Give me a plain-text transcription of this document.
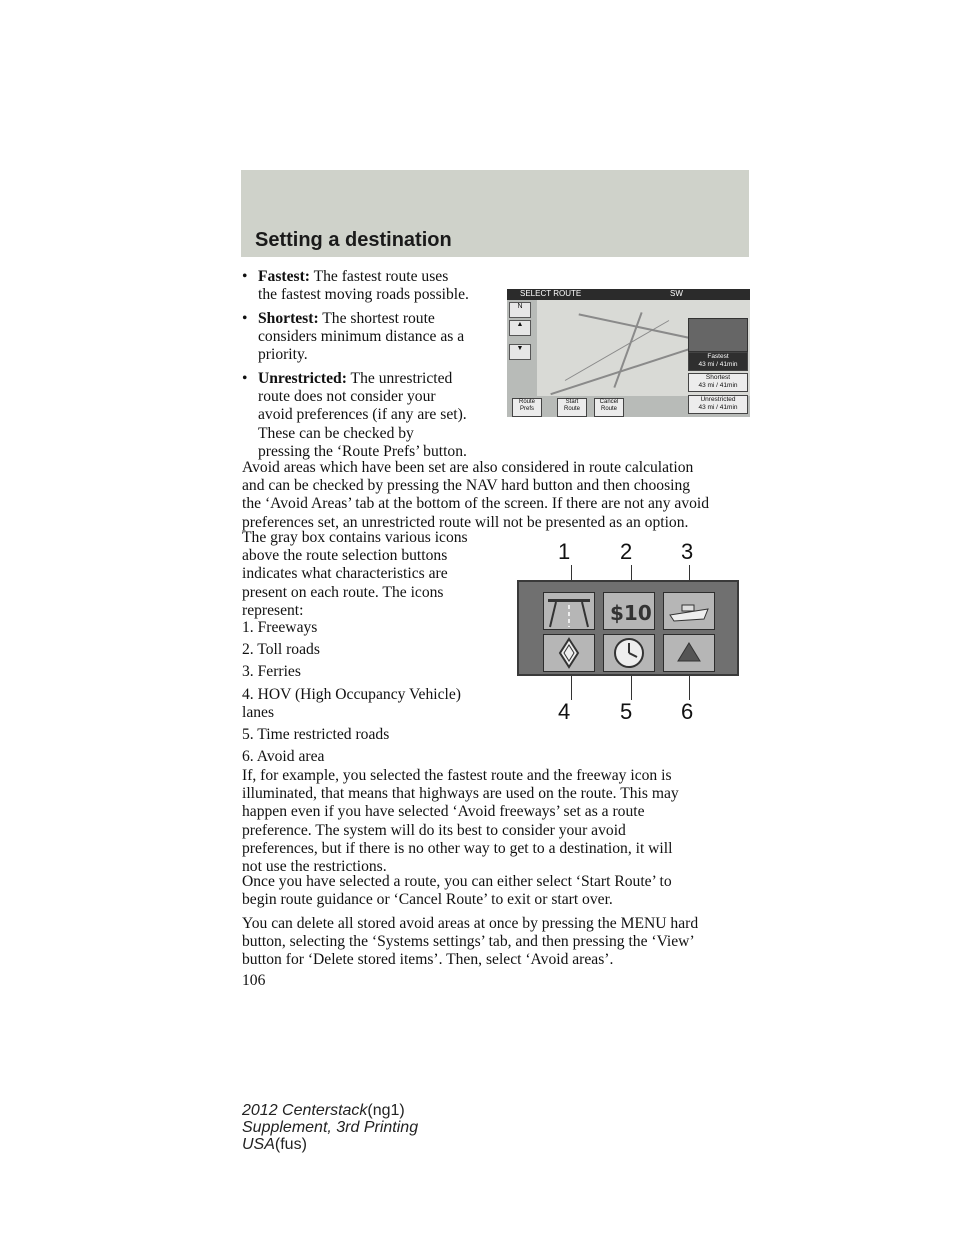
Setting a destination
• Fastest: The fastest route uses
the fastest moving roads possible.
• Shortest: The shortest route
considers minimum distance as a
priority.
• Unrestricted: The unrestricted
route does not consider your
avoid preferences (if any are set).
These can be checked by
pressing the ‘Route Prefs’ button.
SELECT ROUTE	SW
N
▲
▼
Fastest
43 mi / 41min
Shortest
43 mi / 41min
Unrestricted
43 mi / 41min
Route
Prefs
Start
Route
Cancel
Route
Avoid areas which have been set are also considered in route calculation
and can be checked by pressing the NAV hard button and then choosing
the ‘Avoid Areas’ tab at the bottom of the screen. If there are not any avoid
preferences set, an unrestricted route will not be presented as an option.
The gray box contains various icons
above the route selection buttons
indicates what characteristics are
present on each route. The icons
represent:
1. Freeways
2. Toll roads
3. Ferries
4. HOV (High Occupancy Vehicle)
lanes
5. Time restricted roads
6. Avoid area
1 2 3
$10
4 5 6
If, for example, you selected the fastest route and the freeway icon is
illuminated, that means that highways are used on the route. This may
happen even if you have selected ‘Avoid freeways’ set as a route
preference. The system will do its best to consider your avoid
preferences, but if there is no other way to get to a destination, it will
not use the restrictions.
Once you have selected a route, you can either select ‘Start Route’ to
begin route guidance or ‘Cancel Route’ to exit or start over.
You can delete all stored avoid areas at once by pressing the MENU hard
button, selecting the ‘Systems settings’ tab, and then pressing the ‘View’
button for ‘Delete stored items’. Then, select ‘Avoid areas’.
106
2012 Centerstack(ng1)
Supplement, 3rd Printing
USA(fus)
